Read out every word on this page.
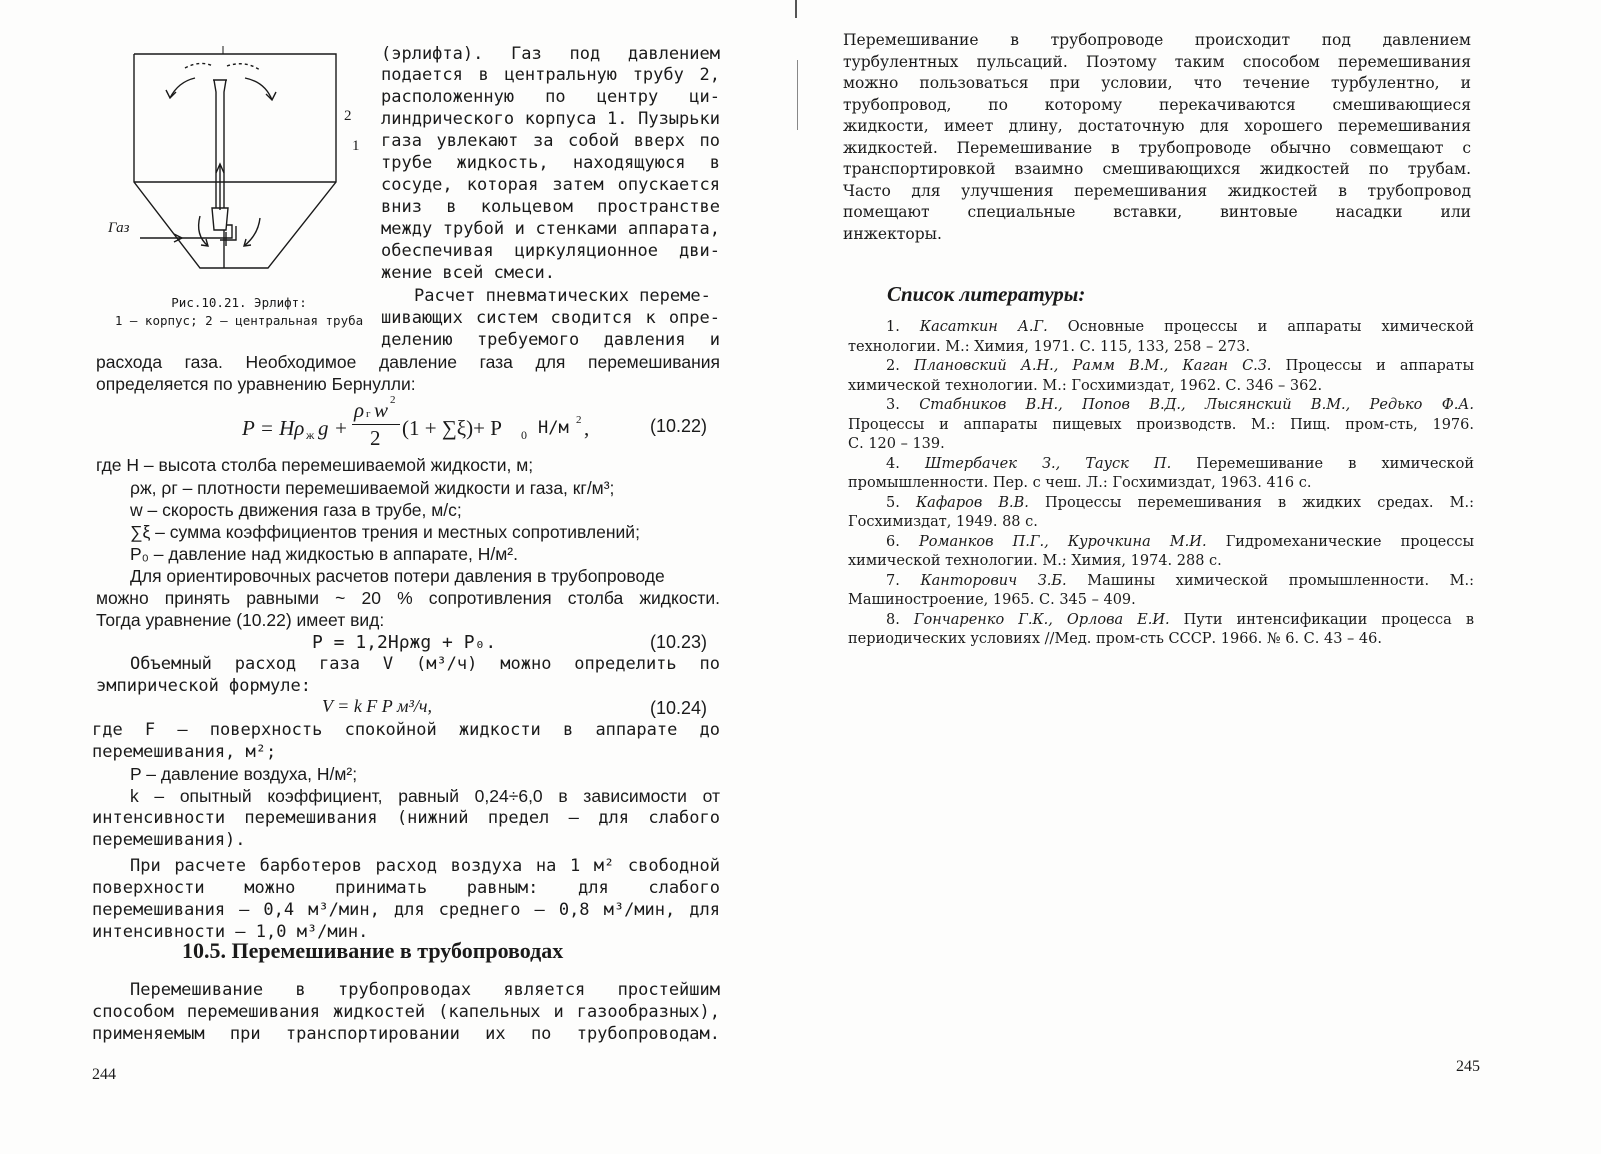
Газ
2
1
Рис.10.21. Эрлифт:
1 – корпус; 2 – центральная труба
(эрлифта). Газ под давлением
подается в центральную трубу 2,
расположенную по центру ци-
линдрического корпуса 1. Пузырьки
газа увлекают за собой вверх по
трубе жидкость, находящуюся в
сосуде, которая затем опускается
вниз в кольцевом пространстве
между трубой и стенками аппарата,
обеспечивая циркуляционное дви-
жение всей смеси.
Расчет пневматических переме-
шивающих систем сводится к опре-
делению требуемого давления и
расхода газа. Необходимое давление газа для перемешивания
определяется по уравнению Бернулли:
P = Hρ ж g +
ρ г w 2
2 (1 + ∑ξ)+ P 0 Н/м 2 ,	(10.22)
где H – высота столба перемешиваемой жидкости, м;
ρж, ρг – плотности перемешиваемой жидкости и газа, кг/м³;
w – скорость движения газа в трубе, м/с;
∑ξ – сумма коэффициентов трения и местных сопротивлений;
P₀ – давление над жидкостью в аппарате, Н/м².
Для ориентировочных расчетов потери давления в трубопроводе
можно принять равными ~ 20 % сопротивления столба жидкости.
Тогда уравнение (10.22) имеет вид:
P = 1,2Hρжg + P₀.	(10.23)
Объемный расход газа V (м³/ч) можно определить по
эмпирической формуле:
V = k F P м³/ч,	(10.24)
где F – поверхность спокойной жидкости в аппарате до
перемешивания, м²;
P – давление воздуха, Н/м²;
k – опытный коэффициент, равный 0,24÷6,0 в зависимости от
интенсивности перемешивания (нижний предел – для слабого
перемешивания).
При расчете барботеров расход воздуха на 1 м² свободной
поверхности можно принимать равным: для слабого
перемешивания – 0,4 м³/мин, для среднего – 0,8 м³/мин, для
интенсивности – 1,0 м³/мин.
10.5. Перемешивание в трубопроводах
Перемешивание в трубопроводах является простейшим
способом перемешивания жидкостей (капельных и газообразных),
применяемым при транспортировании их по трубопроводам.
244
Перемешивание в трубопроводе происходит под давлением
турбулентных пульсаций. Поэтому таким способом перемешивания
можно пользоваться при условии, что течение турбулентно, и
трубопровод, по которому перекачиваются смешивающиеся
жидкости, имеет длину, достаточную для хорошего перемешивания
жидкостей. Перемешивание в трубопроводе обычно совмещают с
транспортировкой взаимно смешивающихся жидкостей по трубам.
Часто для улучшения перемешивания жидкостей в трубопровод
помещают специальные вставки, винтовые насадки или
инжекторы.
Список литературы:
1. Касаткин А.Г. Основные процессы и аппараты химической
технологии. М.: Химия, 1971. С. 115, 133, 258 – 273.
2. Плановский А.Н., Рамм В.М., Каган С.З. Процессы и аппараты
химической технологии. М.: Госхимиздат, 1962. С. 346 – 362.
3. Стабников В.Н., Попов В.Д., Лысянский В.М., Редько Ф.А.
Процессы и аппараты пищевых производств. М.: Пищ. пром-сть, 1976.
С. 120 – 139.
4. Штербачек З., Тауск П. Перемешивание в химической
промышленности. Пер. с чеш. Л.: Госхимиздат, 1963. 416 с.
5. Кафаров В.В. Процессы перемешивания в жидких средах. М.:
Госхимиздат, 1949. 88 с.
6. Романков П.Г., Курочкина М.И. Гидромеханические процессы
химической технологии. М.: Химия, 1974. 288 с.
7. Канторович З.Б. Машины химической промышленности. М.:
Машиностроение, 1965. С. 345 – 409.
8. Гончаренко Г.К., Орлова Е.И. Пути интенсификации процесса в
периодических условиях //Мед. пром-сть СССР. 1966. № 6. С. 43 – 46.
245
